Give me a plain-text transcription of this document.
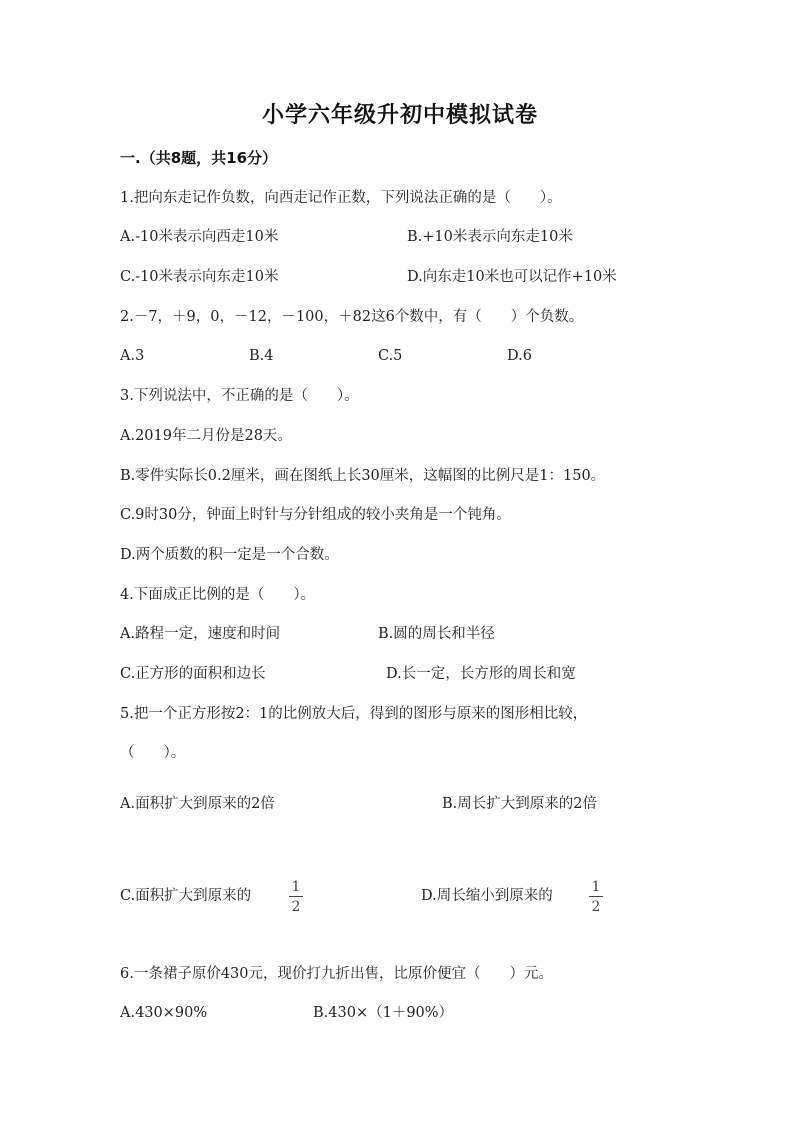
小学六年级升初中模拟试卷
一.（共8题，共16分）
1.把向东走记作负数，向西走记作正数，下列说法正确的是（　　）。
A.-10米表示向西走10米	B.+10米表示向东走10米
C.-10米表示向东走10米	D.向东走10米也可以记作+10米
2.－7，＋9，0，－12，－100，＋82这6个数中，有（　　）个负数。
A.3	B.4	C.5	D.6
3.下列说法中，不正确的是（　　）。
A.2019年二月份是28天。
B.零件实际长0.2厘米，画在图纸上长30厘米，这幅图的比例尺是1：150。
C.9时30分，钟面上时针与分针组成的较小夹角是一个钝角。
D.两个质数的积一定是一个合数。
4.下面成正比例的是（　　）。
A.路程一定，速度和时间	B.圆的周长和半径
C.正方形的面积和边长	D.长一定，长方形的周长和宽
5.把一个正方形按2：1的比例放大后，得到的图形与原来的图形相比较，
（　　）。
A.面积扩大到原来的2倍	B.周长扩大到原来的2倍
C.面积扩大到原来的
1
2
D.周长缩小到原来的
1
2
6.一条裙子原价430元，现价打九折出售，比原价便宜（　　）元。
A.430×90%	B.430×（1＋90%）
